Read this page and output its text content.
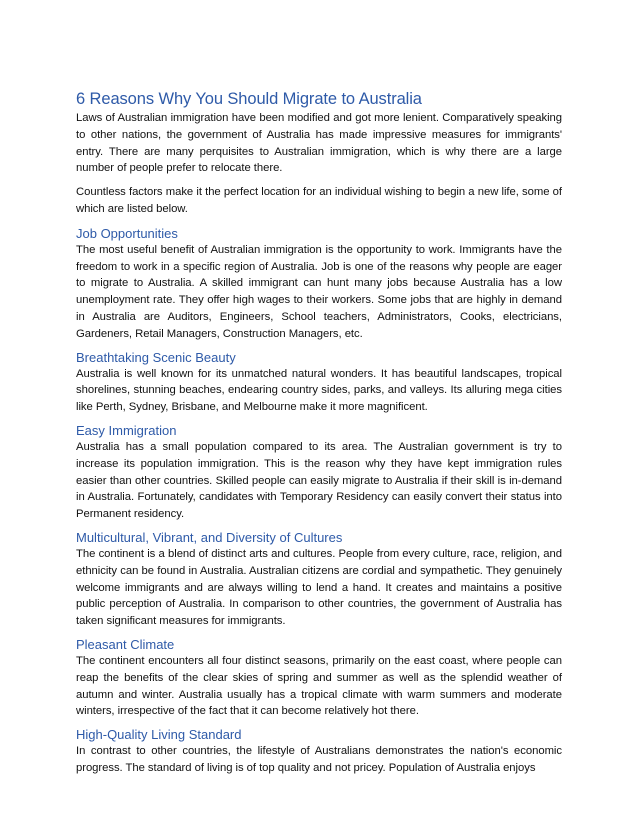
6 Reasons Why You Should Migrate to Australia

Laws of Australian immigration have been modified and got more lenient. Comparatively speaking to other nations, the government of Australia has made impressive measures for immigrants' entry. There are many perquisites to Australian immigration, which is why there are a large number of people prefer to relocate there.

Countless factors make it the perfect location for an individual wishing to begin a new life, some of which are listed below.

Job Opportunities

The most useful benefit of Australian immigration is the opportunity to work. Immigrants have the freedom to work in a specific region of Australia. Job is one of the reasons why people are eager to migrate to Australia. A skilled immigrant can hunt many jobs because Australia has a low unemployment rate. They offer high wages to their workers. Some jobs that are highly in demand in Australia are Auditors, Engineers, School teachers, Administrators, Cooks, electricians, Gardeners, Retail Managers, Construction Managers, etc.

Breathtaking Scenic Beauty

Australia is well known for its unmatched natural wonders. It has beautiful landscapes, tropical shorelines, stunning beaches, endearing country sides, parks, and valleys. Its alluring mega cities like Perth, Sydney, Brisbane, and Melbourne make it more magnificent.

Easy Immigration

Australia has a small population compared to its area. The Australian government is try to increase its population immigration. This is the reason why they have kept immigration rules easier than other countries. Skilled people can easily migrate to Australia if their skill is in-demand in Australia. Fortunately, candidates with Temporary Residency can easily convert their status into Permanent residency.

Multicultural, Vibrant, and Diversity of Cultures

The continent is a blend of distinct arts and cultures. People from every culture, race, religion, and ethnicity can be found in Australia. Australian citizens are cordial and sympathetic. They genuinely welcome immigrants and are always willing to lend a hand. It creates and maintains a positive public perception of Australia. In comparison to other countries, the government of Australia has taken significant measures for immigrants.

Pleasant Climate

The continent encounters all four distinct seasons, primarily on the east coast, where people can reap the benefits of the clear skies of spring and summer as well as the splendid weather of autumn and winter. Australia usually has a tropical climate with warm summers and moderate winters, irrespective of the fact that it can become relatively hot there.

High-Quality Living Standard

In contrast to other countries, the lifestyle of Australians demonstrates the nation's economic progress. The standard of living is of top quality and not pricey. Population of Australia enjoys
